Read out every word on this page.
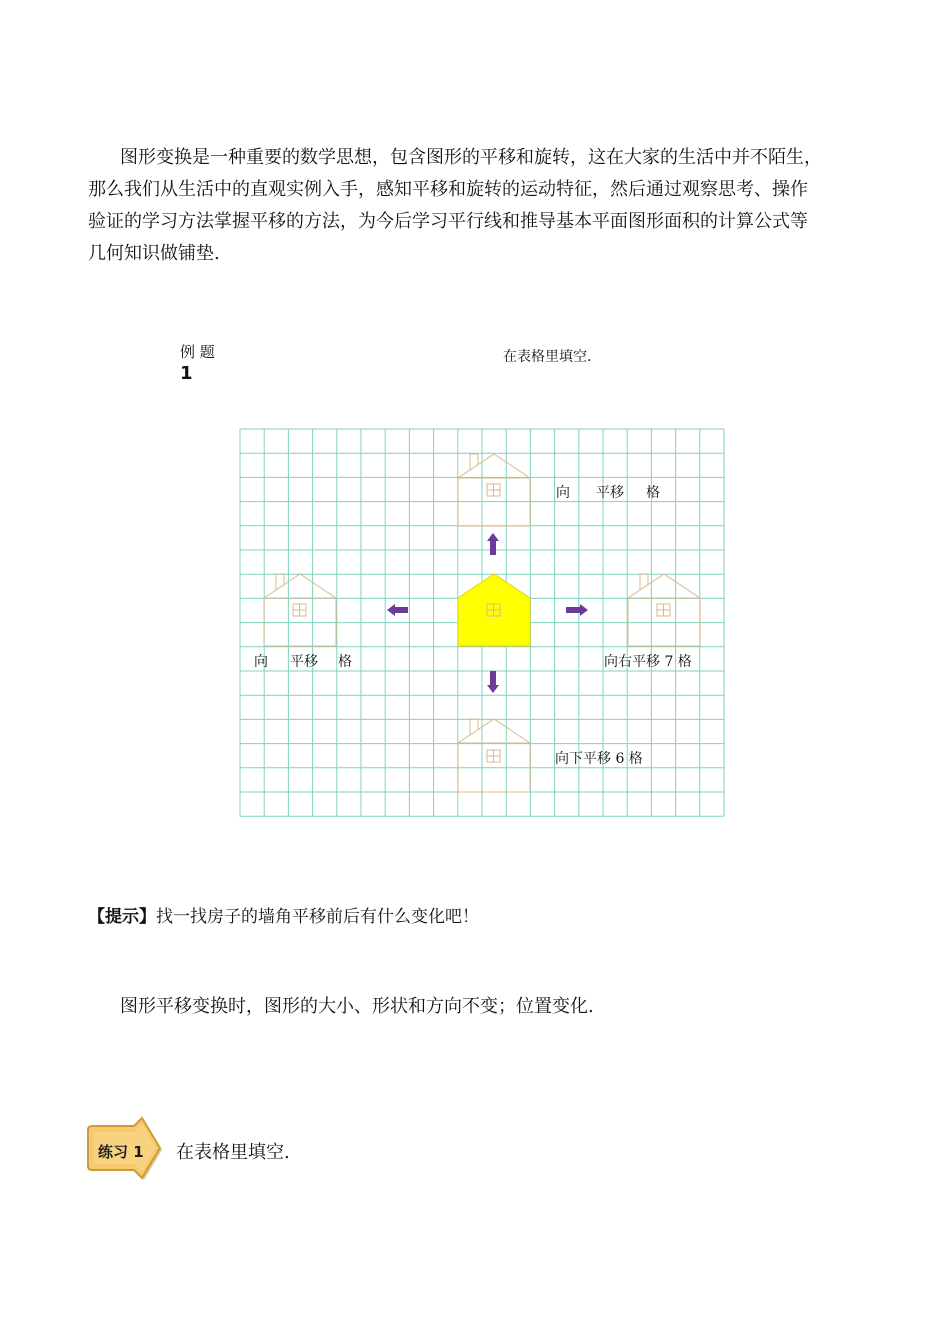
图形变换是一种重要的数学思想，包含图形的平移和旋转，这在大家的生活中并不陌生，
那么我们从生活中的直观实例入手，感知平移和旋转的运动特征，然后通过观察思考、操作
验证的学习方法掌握平移的方法，为今后学习平行线和推导基本平面图形面积的计算公式等
几何知识做铺垫.
例 题
1
在表格里填空.
向 平移 格
向 平移 格	向右平移 7 格
向下平移 6 格
【提示】找一找房子的墙角平移前后有什么变化吧！
图形平移变换时，图形的大小、形状和方向不变；位置变化.
练习 1 在表格里填空.
